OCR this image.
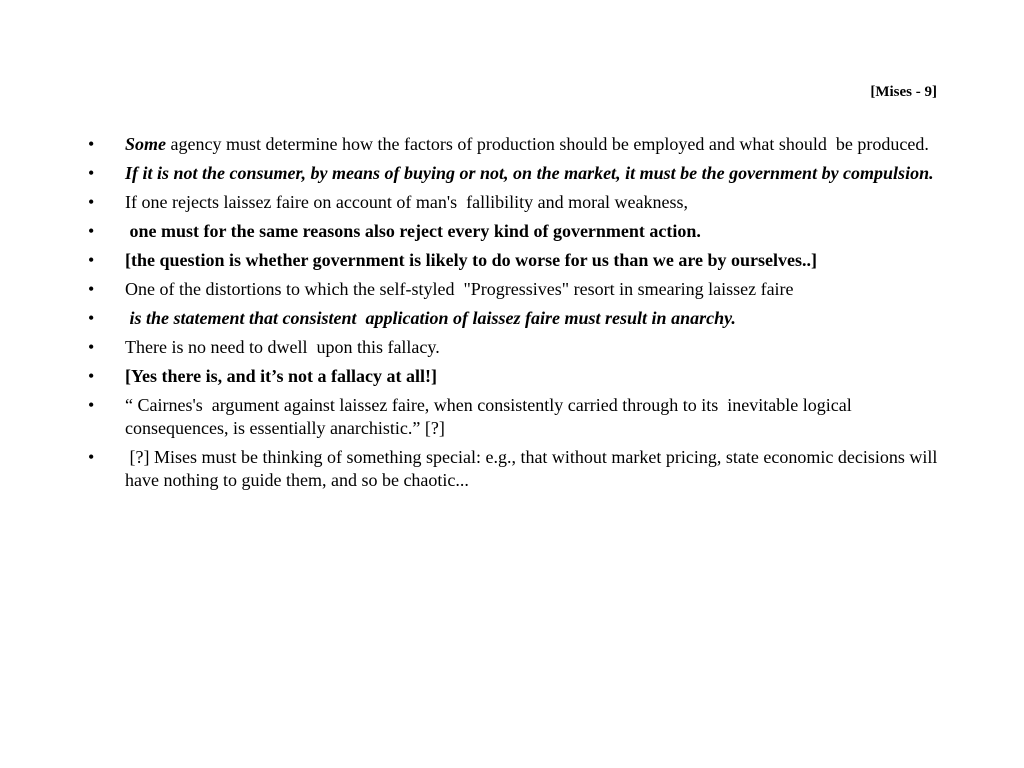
[Mises - 9]
• Some agency must determine how the factors of production should be employed and what should  be produced.
• If it is not the consumer, by means of buying or not, on the market, it must be the government by compulsion.
• If one rejects laissez faire on account of man's  fallibility and moral weakness,
• one must for the same reasons also reject every kind of government action.
• [the question is whether government is likely to do worse for us than we are by ourselves..]
• One of the distortions to which the self-styled  "Progressives" resort in smearing laissez faire
• is the statement that consistent  application of laissez faire must result in anarchy.
• There is no need to dwell  upon this fallacy.
• [Yes there is, and it’s not a fallacy at all!]
• “ Cairnes's  argument against laissez faire, when consistently carried through to its  inevitable logical consequences, is essentially anarchistic.” [?]
• [?] Mises must be thinking of something special: e.g., that without market pricing, state economic decisions will have nothing to guide them, and so be chaotic...
